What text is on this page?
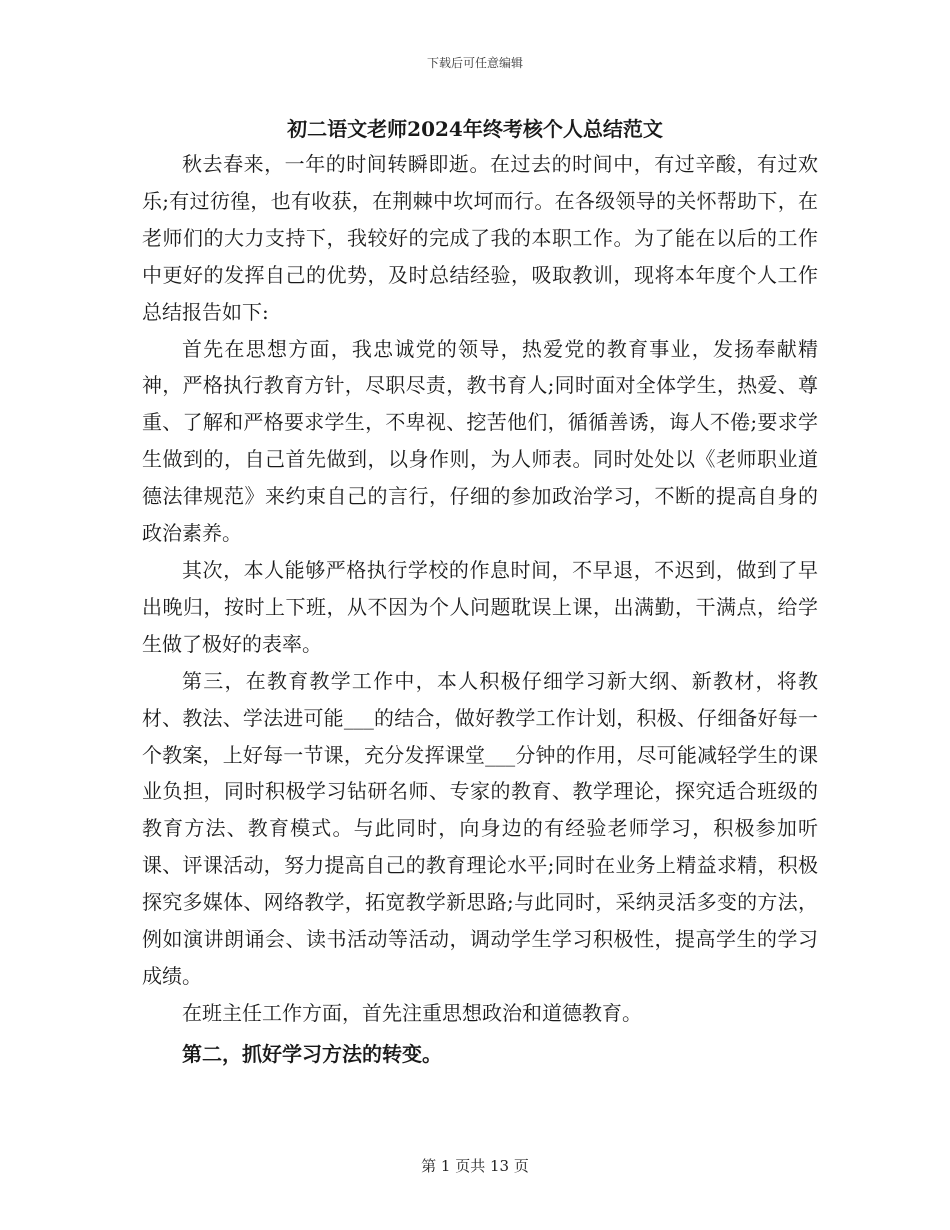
下载后可任意编辑
初二语文老师2024年终考核个人总结范文

秋去春来，一年的时间转瞬即逝。在过去的时间中，有过辛酸，有过欢乐;有过彷徨，也有收获，在荆棘中坎坷而行。在各级领导的关怀帮助下，在老师们的大力支持下，我较好的完成了我的本职工作。为了能在以后的工作中更好的发挥自己的优势，及时总结经验，吸取教训，现将本年度个人工作总结报告如下:

首先在思想方面，我忠诚党的领导，热爱党的教育事业，发扬奉献精神，严格执行教育方针，尽职尽责，教书育人;同时面对全体学生，热爱、尊重、了解和严格要求学生，不卑视、挖苦他们，循循善诱，诲人不倦;要求学生做到的，自己首先做到，以身作则，为人师表。同时处处以《老师职业道德法律规范》来约束自己的言行，仔细的参加政治学习，不断的提高自身的政治素养。

其次，本人能够严格执行学校的作息时间，不早退，不迟到，做到了早出晚归，按时上下班，从不因为个人问题耽误上课，出满勤，干满点，给学生做了极好的表率。

第三，在教育教学工作中，本人积极仔细学习新大纲、新教材，将教材、教法、学法进可能___的结合，做好教学工作计划，积极、仔细备好每一个教案，上好每一节课，充分发挥课堂___分钟的作用，尽可能减轻学生的课业负担，同时积极学习钻研名师、专家的教育、教学理论，探究适合班级的教育方法、教育模式。与此同时，向身边的有经验老师学习，积极参加听课、评课活动，努力提高自己的教育理论水平;同时在业务上精益求精，积极探究多媒体、网络教学，拓宽教学新思路;与此同时，采纳灵活多变的方法，例如演讲朗诵会、读书活动等活动，调动学生学习积极性，提高学生的学习成绩。

在班主任工作方面，首先注重思想政治和道德教育。

第二，抓好学习方法的转变。

第 1 页共 13 页
